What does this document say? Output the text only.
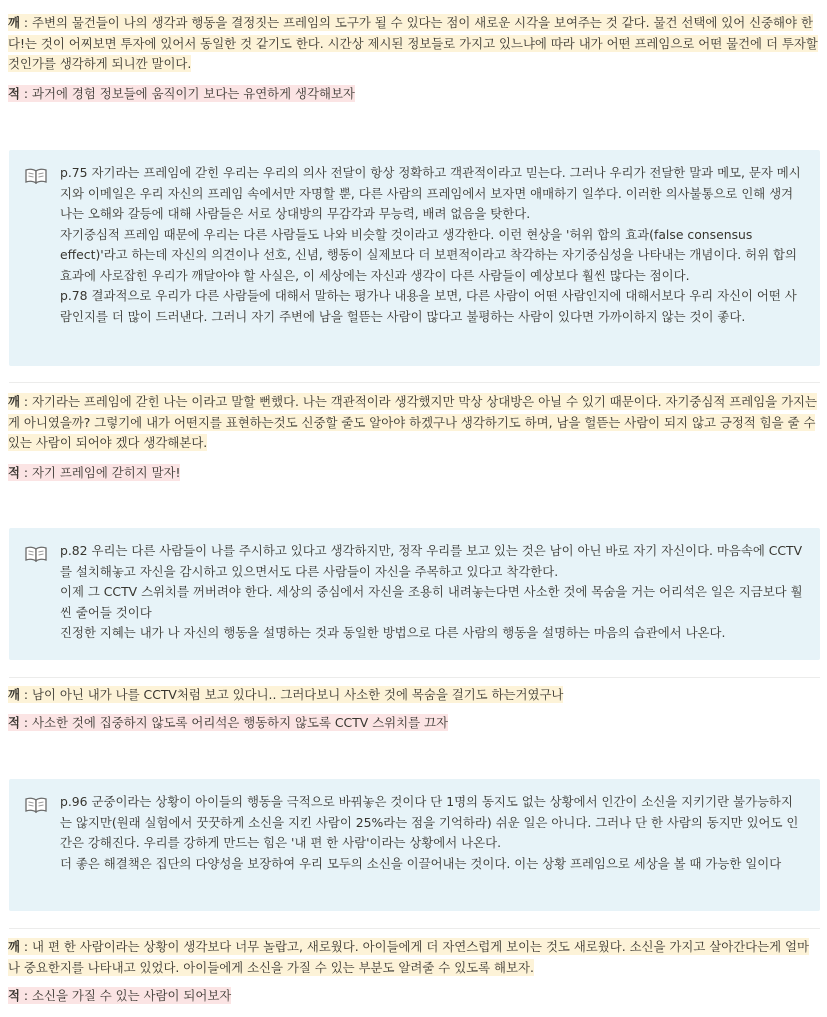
깨 : 주변의 물건들이 나의 생각과 행동을 결정짓는 프레임의 도구가 될 수 있다는 점이 새로운 시각을 보여주는 것 같다. 물건 선택에 있어 신중해야 한다!는 것이 어찌보면 투자에 있어서 동일한 것 같기도 한다. 시간상 제시된 정보들로 가지고 있느냐에 따라 내가 어떤 프레임으로 어떤 물건에 더 투자할 것인가를 생각하게 되니깐 말이다.
적 : 과거에 경험 정보들에 움직이기 보다는 유연하게 생각해보자

p.75 자기라는 프레임에 갇힌 우리는 우리의 의사 전달이 항상 정확하고 객관적이라고 믿는다. 그러나 우리가 전달한 말과 메모, 문자 메시지와 이메일은 우리 자신의 프레임 속에서만 자명할 뿐, 다른 사람의 프레임에서 보자면 애매하기 일쑤다. 이러한 의사불통으로 인해 생겨나는 오해와 갈등에 대해 사람들은 서로 상대방의 무감각과 무능력, 배려 없음을 탓한다.

자기중심적 프레임 때문에 우리는 다른 사람들도 나와 비슷할 것이라고 생각한다. 이런 현상을 '허위 합의 효과(false consensus effect)'라고 하는데 자신의 의견이나 선호, 신념, 행동이 실제보다 더 보편적이라고 착각하는 자기중심성을 나타내는 개념이다. 허위 합의 효과에 사로잡힌 우리가 깨달아야 할 사실은, 이 세상에는 자신과 생각이 다른 사람들이 예상보다 훨씬 많다는 점이다.

p.78 결과적으로 우리가 다른 사람들에 대해서 말하는 평가나 내용을 보면, 다른 사람이 어떤 사람인지에 대해서보다 우리 자신이 어떤 사람인지를 더 많이 드러낸다. 그러니 자기 주변에 남을 헐뜯는 사람이 많다고 불평하는 사람이 있다면 가까이하지 않는 것이 좋다.

깨 : 자기라는 프레임에 갇힌 나는 이라고 말할 뻔했다. 나는 객관적이라 생각했지만 막상 상대방은 아닐 수 있기 때문이다. 자기중심적 프레임을 가지는게 아니였을까? 그렇기에 내가 어떤지를 표현하는것도 신중할 줄도 알아야 하겠구나 생각하기도 하며, 남을 헐뜯는 사람이 되지 않고 긍정적 힘을 줄 수 있는 사람이 되어야 겠다 생각해본다.
적 : 자기 프레임에 갇히지 말자!

p.82 우리는 다른 사람들이 나를 주시하고 있다고 생각하지만, 정작 우리를 보고 있는 것은 남이 아닌 바로 자기 자신이다. 마음속에 CCTV를 설치해놓고 자신을 감시하고 있으면서도 다른 사람들이 자신을 주목하고 있다고 착각한다.

이제 그 CCTV 스위치를 꺼버려야 한다. 세상의 중심에서 자신을 조용히 내려놓는다면 사소한 것에 목숨을 거는 어리석은 일은 지금보다 훨씬 줄어들 것이다

진정한 지혜는 내가 나 자신의 행동을 설명하는 것과 동일한 방법으로 다른 사람의 행동을 설명하는 마음의 습관에서 나온다.

깨 : 남이 아닌 내가 나를 CCTV처럼 보고 있다니.. 그러다보니 사소한 것에 목숨을 걸기도 하는거였구나
적 : 사소한 것에 집중하지 않도록 어리석은 행동하지 않도록 CCTV 스위치를 끄자

p.96 군중이라는 상황이 아이들의 행동을 극적으로 바꿔놓은 것이다 단 1명의 동지도 없는 상황에서 인간이 소신을 지키기란 불가능하지는 않지만(원래 실험에서 꿋꿋하게 소신을 지킨 사람이 25%라는 점을 기억하라) 쉬운 일은 아니다. 그러나 단 한 사람의 동지만 있어도 인간은 강해진다. 우리를 강하게 만드는 힘은 '내 편 한 사람'이라는 상황에서 나온다.

더 좋은 해결책은 집단의 다양성을 보장하여 우리 모두의 소신을 이끌어내는 것이다. 이는 상황 프레임으로 세상을 볼 때 가능한 일이다

깨 : 내 편 한 사람이라는 상황이 생각보다 너무 놀랍고, 새로웠다. 아이들에게 더 자연스럽게 보이는 것도 새로웠다. 소신을 가지고 살아간다는게 얼마나 중요한지를 나타내고 있었다. 아이들에게 소신을 가질 수 있는 부분도 알려줄 수 있도록 해보자.
적 : 소신을 가질 수 있는 사람이 되어보자
